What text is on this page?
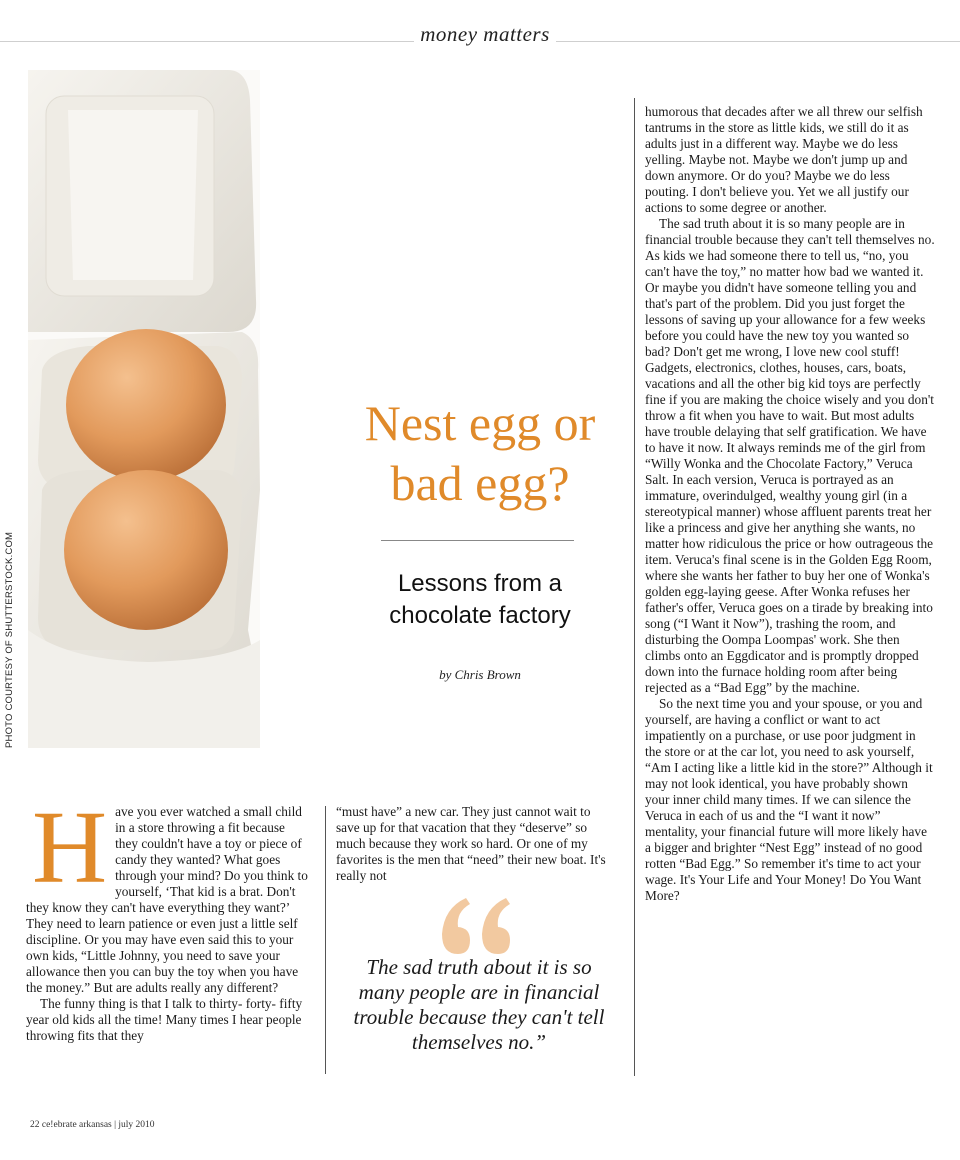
money matters
PHOTO COURTESY OF SHUTTERSTOCK.COM
Nest egg or
bad egg?
Lessons from a
chocolate factory
by Chris Brown
H ave you ever watched a small child in a store throwing a fit because they couldn't have a toy or piece of candy they wanted? What goes through your mind? Do you think to yourself, ‘That kid is a brat. Don't they know they can't have everything they want?’ They need to learn patience or even just a little self discipline. Or you may have even said this to your own kids, “Little Johnny, you need to save your allowance then you can buy the toy when you have the money.” But are adults really any different?

The funny thing is that I talk to thirty- forty- fifty year old kids all the time! Many times I hear people throwing fits that they

“must have” a new car. They just cannot wait to save up for that vacation that they “deserve” so much because they work so hard. Or one of my favorites is the men that “need” their new boat. It's really not

The sad truth about it is so many people are in financial trouble because they can't tell themselves no.”

humorous that decades after we all threw our selfish tantrums in the store as little kids, we still do it as adults just in a different way. Maybe we do less yelling. Maybe not. Maybe we don't jump up and down anymore. Or do you? Maybe we do less pouting. I don't believe you. Yet we all justify our actions to some degree or another.

The sad truth about it is so many people are in financial trouble because they can't tell themselves no. As kids we had someone there to tell us, “no, you can't have the toy,” no matter how bad we wanted it. Or maybe you didn't have someone telling you and that's part of the problem. Did you just forget the lessons of saving up your allowance for a few weeks before you could have the new toy you wanted so bad? Don't get me wrong, I love new cool stuff! Gadgets, electronics, clothes, houses, cars, boats, vacations and all the other big kid toys are perfectly fine if you are making the choice wisely and you don't throw a fit when you have to wait. But most adults have trouble delaying that self gratification. We have to have it now. It always reminds me of the girl from “Willy Wonka and the Chocolate Factory,” Veruca Salt. In each version, Veruca is portrayed as an immature, overindulged, wealthy young girl (in a stereotypical manner) whose affluent parents treat her like a princess and give her anything she wants, no matter how ridiculous the price or how outrageous the item. Veruca's final scene is in the Golden Egg Room, where she wants her father to buy her one of Wonka's golden egg-laying geese. After Wonka refuses her father's offer, Veruca goes on a tirade by breaking into song (“I Want it Now”), trashing the room, and disturbing the Oompa Loompas' work. She then climbs onto an Eggdicator and is promptly dropped down into the furnace holding room after being rejected as a “Bad Egg” by the machine.

So the next time you and your spouse, or you and yourself, are having a conflict or want to act impatiently on a purchase, or use poor judgment in the store or at the car lot, you need to ask yourself, “Am I acting like a little kid in the store?” Although it may not look identical, you have probably shown your inner child many times. If we can silence the Veruca in each of us and the “I want it now” mentality, your financial future will more likely have a bigger and brighter “Nest Egg” instead of no good rotten “Bad Egg.” So remember it's time to act your wage. It's Your Life and Your Money! Do You Want More?

22 ce!ebrate arkansas | july 2010
